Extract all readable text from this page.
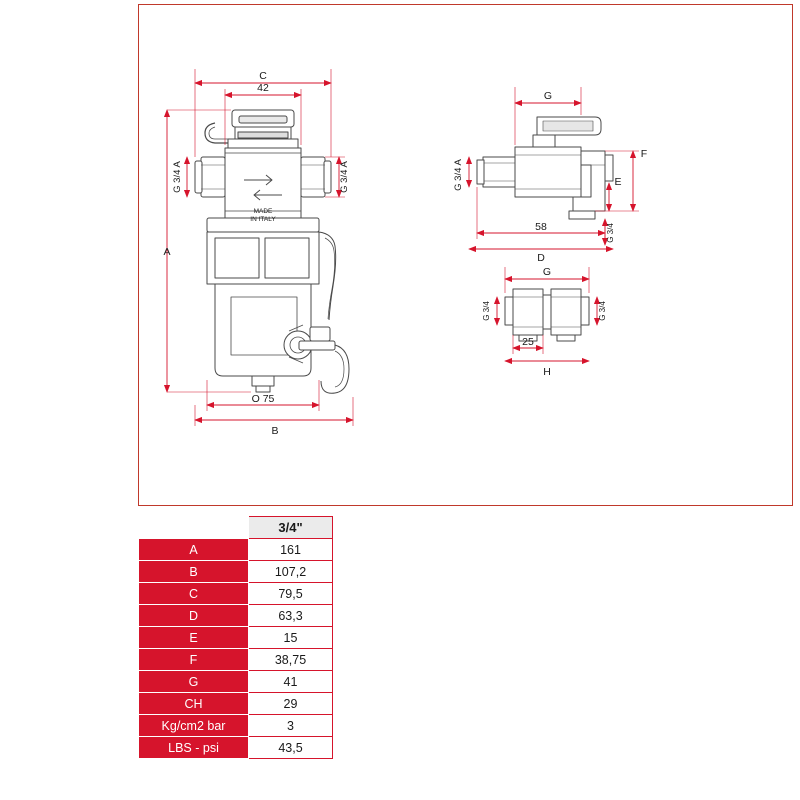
C
42
A
O 75
B
G
F
E
58
D
G
25
H
MADE
IN ITALY
G 3/4 A	G 3/4 A	G 3/4 A
G 3/4
G 3/4	G 3/4
	3/4"
A	161
B	107,2
C	79,5
D	63,3
E	15
F	38,75
G	41
CH	29
Kg/cm2 bar	3
LBS - psi	43,5
